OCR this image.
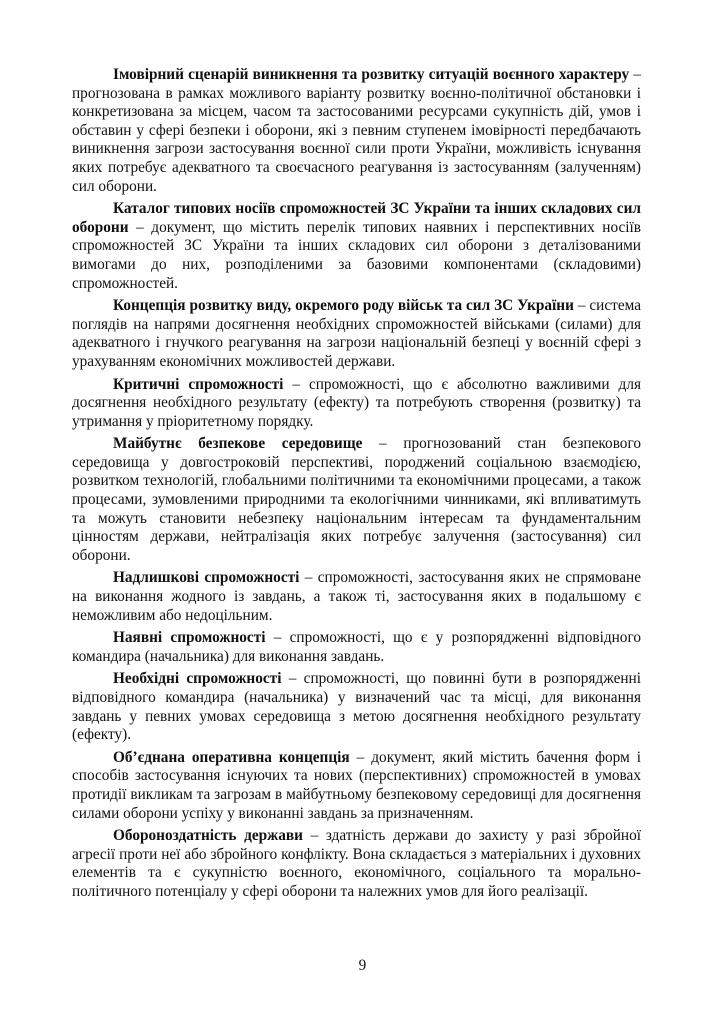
Імовірний сценарій виникнення та розвитку ситуацій воєнного характеру – прогнозована в рамках можливого варіанту розвитку воєнно-політичної обстановки і конкретизована за місцем, часом та застосованими ресурсами сукупність дій, умов і обставин у сфері безпеки і оборони, які з певним ступенем імовірності передбачають виникнення загрози застосування воєнної сили проти України, можливість існування яких потребує адекватного та своєчасного реагування із застосуванням (залученням) сил оборони.

Каталог типових носіїв спроможностей ЗС України та інших складових сил оборони – документ, що містить перелік типових наявних і перспективних носіїв спроможностей ЗС України та інших складових сил оборони з деталізованими вимогами до них, розподіленими за базовими компонентами (складовими) спроможностей.

Концепція розвитку виду, окремого роду військ та сил ЗС України – система поглядів на напрями досягнення необхідних спроможностей військами (силами) для адекватного і гнучкого реагування на загрози національній безпеці у воєнній сфері з урахуванням економічних можливостей держави.

Критичні спроможності – спроможності, що є абсолютно важливими для досягнення необхідного результату (ефекту) та потребують створення (розвитку) та утримання у пріоритетному порядку.

Майбутнє безпекове середовище – прогнозований стан безпекового середовища у довгостроковій перспективі, породжений соціальною взаємодією, розвитком технологій, глобальними політичними та економічними процесами, а також процесами, зумовленими природними та екологічними чинниками, які впливатимуть та можуть становити небезпеку національним інтересам та фундаментальним цінностям держави, нейтралізація яких потребує залучення (застосування) сил оборони.

Надлишкові спроможності – спроможності, застосування яких не спрямоване на виконання жодного із завдань, а також ті, застосування яких в подальшому є неможливим або недоцільним.

Наявні спроможності – спроможності, що є у розпорядженні відповідного командира (начальника) для виконання завдань.

Необхідні спроможності – спроможності, що повинні бути в розпорядженні відповідного командира (начальника) у визначений час та місці, для виконання завдань у певних умовах середовища з метою досягнення необхідного результату (ефекту).

Об’єднана оперативна концепція – документ, який містить бачення форм і способів застосування існуючих та нових (перспективних) спроможностей в умовах протидії викликам та загрозам в майбутньому безпековому середовищі для досягнення силами оборони успіху у виконанні завдань за призначенням.

Обороноздатність держави – здатність держави до захисту у разі збройної агресії проти неї або збройного конфлікту. Вона складається з матеріальних і духовних елементів та є сукупністю воєнного, економічного, соціального та морально-політичного потенціалу у сфері оборони та належних умов для його реалізації.

9
